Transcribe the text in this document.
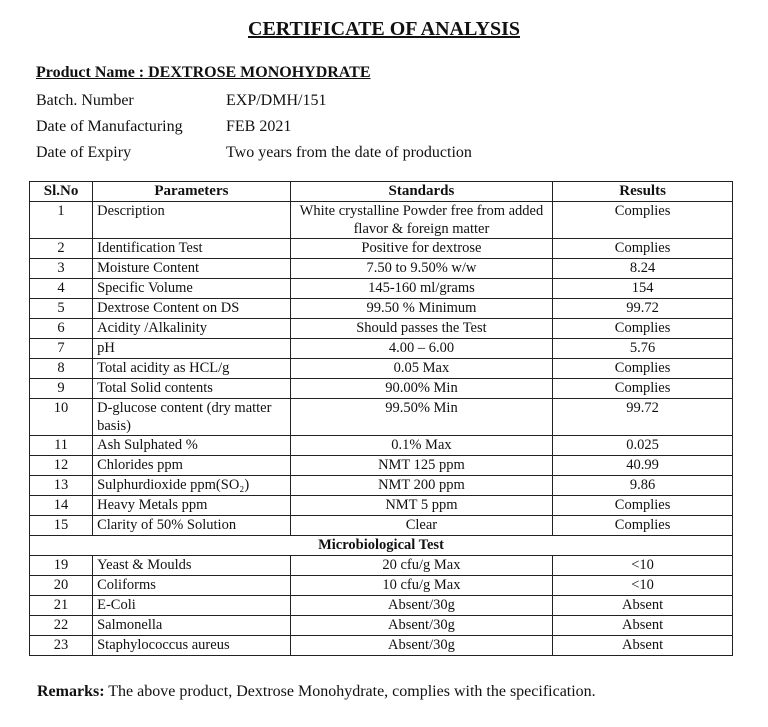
CERTIFICATE OF ANALYSIS
Product Name : DEXTROSE MONOHYDRATE
Batch. Number	EXP/DMH/151
Date of Manufacturing	FEB 2021
Date of Expiry	Two years from the date of production
Sl.No	Parameters	Standards	Results
1	Description	White crystalline Powder free from added flavor & foreign matter	Complies
2	Identification Test	Positive for dextrose	Complies
3	Moisture Content	7.50 to 9.50% w/w	8.24
4	Specific Volume	145-160 ml/grams	154
5	Dextrose Content on DS	99.50 % Minimum	99.72
6	Acidity /Alkalinity	Should passes the Test	Complies
7	pH	4.00 – 6.00	5.76
8	Total acidity as HCL/g	0.05 Max	Complies
9	Total Solid contents	90.00% Min	Complies
10	D-glucose content (dry matter basis)	99.50% Min	99.72
11	Ash Sulphated %	0.1% Max	0.025
12	Chlorides ppm	NMT 125 ppm	40.99
13	Sulphurdioxide ppm(SO₂)	NMT 200 ppm	9.86
14	Heavy Metals ppm	NMT 5 ppm	Complies
15	Clarity of 50% Solution	Clear	Complies
Microbiological Test			
19	Yeast & Moulds	20 cfu/g Max	<10
20	Coliforms	10 cfu/g Max	<10
21	E-Coli	Absent/30g	Absent
22	Salmonella	Absent/30g	Absent
23	Staphylococcus aureus	Absent/30g	Absent
Remarks: The above product, Dextrose Monohydrate, complies with the specification.
